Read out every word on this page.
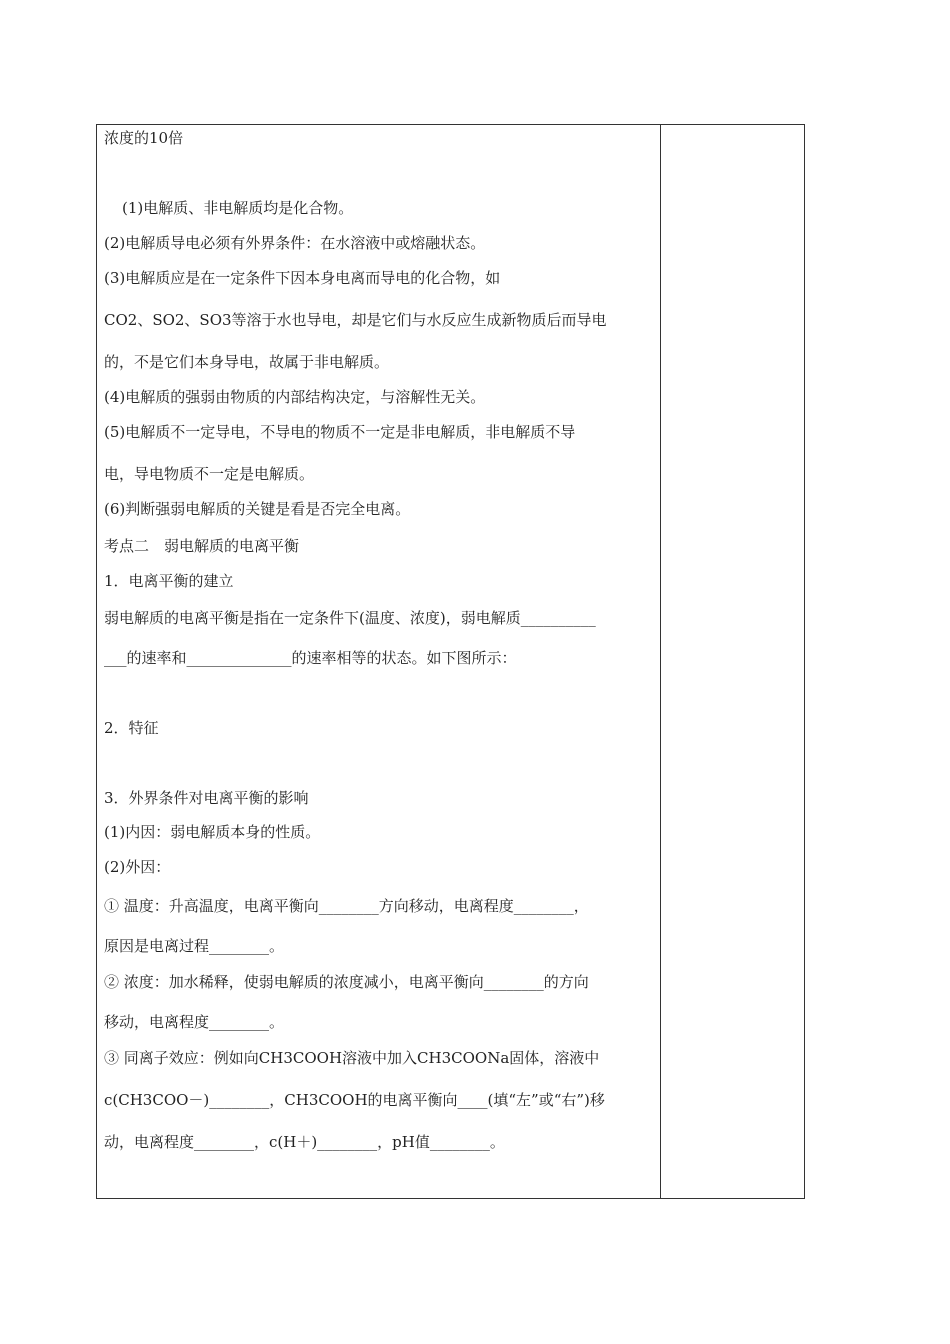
浓度的10倍
(1)电解质、非电解质均是化合物。
(2)电解质导电必须有外界条件：在水溶液中或熔融状态。
(3)电解质应是在一定条件下因本身电离而导电的化合物，如
CO2、SO2、SO3等溶于水也导电，却是它们与水反应生成新物质后而导电
的，不是它们本身导电，故属于非电解质。
(4)电解质的强弱由物质的内部结构决定，与溶解性无关。
(5)电解质不一定导电，不导电的物质不一定是非电解质，非电解质不导
电，导电物质不一定是电解质。
(6)判断强弱电解质的关键是看是否完全电离。
考点二　弱电解质的电离平衡
1．电离平衡的建立
弱电解质的电离平衡是指在一定条件下(温度、浓度)，弱电解质__________
___的速率和______________的速率相等的状态。如下图所示：
2．特征
3．外界条件对电离平衡的影响
(1)内因：弱电解质本身的性质。
(2)外因：
① 温度：升高温度，电离平衡向________方向移动，电离程度________，
原因是电离过程________。
② 浓度：加水稀释，使弱电解质的浓度减小，电离平衡向________的方向
移动，电离程度________。
③ 同离子效应：例如向CH3COOH溶液中加入CH3COONa固体，溶液中
c(CH3COO－)________，CH3COOH的电离平衡向____(填“左”或“右”)移
动，电离程度________，c(H＋)________，pH值________。
